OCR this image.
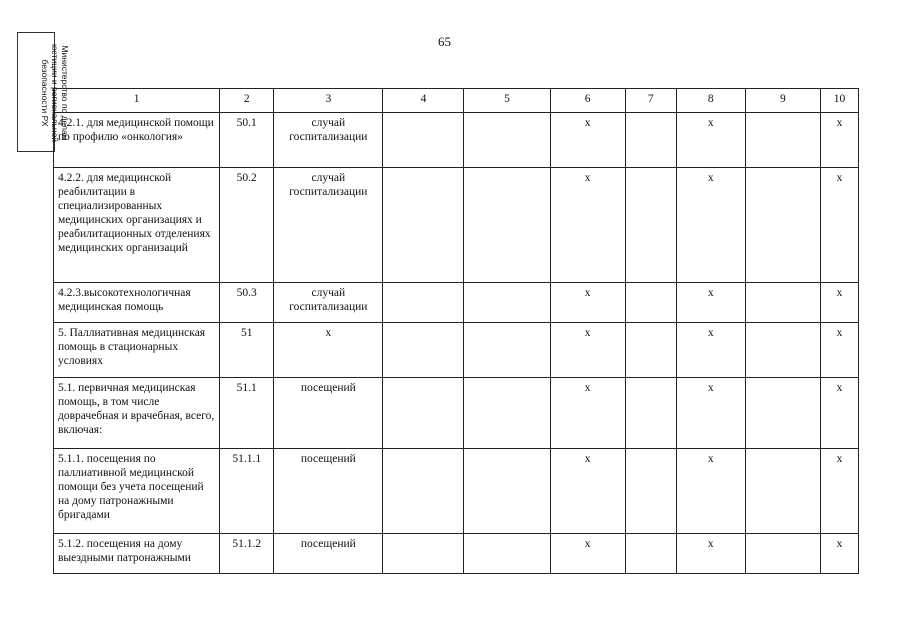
65
Министерство по делам
юстиции и региональной
безопасности РХ	1	2	3	4	5	6	7	8	9	10
4.2.1. для медицинской помощи по профилю «онкология»	50.1	случай госпитализации			x		x		x
4.2.2. для медицинской реабилитации в специализированных медицинских организациях и реабилитационных отделениях медицинских организаций	50.2	случай госпитализации			x		x		x
4.2.3.высокотехнологичная медицинская помощь	50.3	случай госпитализации			x		x		x
5. Паллиативная медицинская помощь в стационарных условиях	51	x			x		x		x
5.1. первичная медицинская помощь, в том числе доврачебная и врачебная, всего, включая:	51.1	посещений			x		x		x
5.1.1. посещения по паллиативной медицинской помощи без учета посещений на дому патронажными бригадами	51.1.1	посещений			x		x		x
5.1.2. посещения на дому выездными патронажными	51.1.2	посещений			x		x		x
